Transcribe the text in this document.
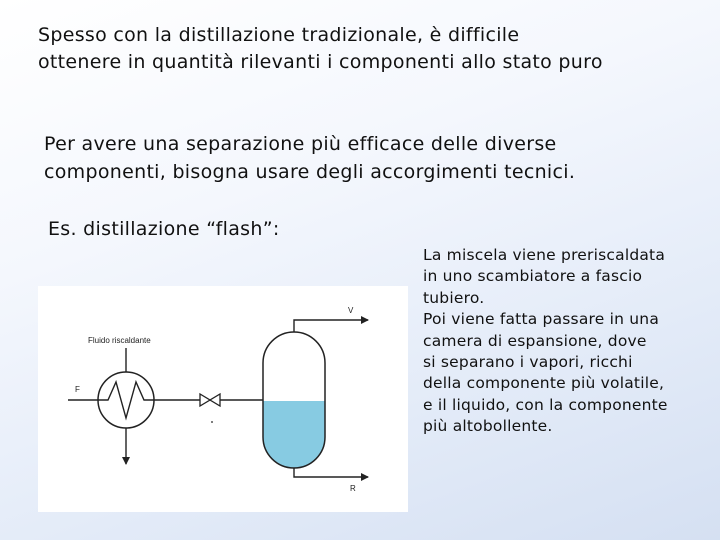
Spesso con la distillazione tradizionale, è difficile
ottenere in quantità rilevanti i componenti allo stato puro
Per avere una separazione più efficace delle diverse
componenti, bisogna usare degli accorgimenti tecnici.
Es. distillazione “flash”:
Fluido riscaldante
F
V
R
La miscela viene preriscaldata
in uno scambiatore a fascio
tubiero.
Poi viene fatta passare in una
camera di espansione, dove
si separano i vapori, ricchi
della componente più volatile,
e il liquido, con la componente
più altobollente.
